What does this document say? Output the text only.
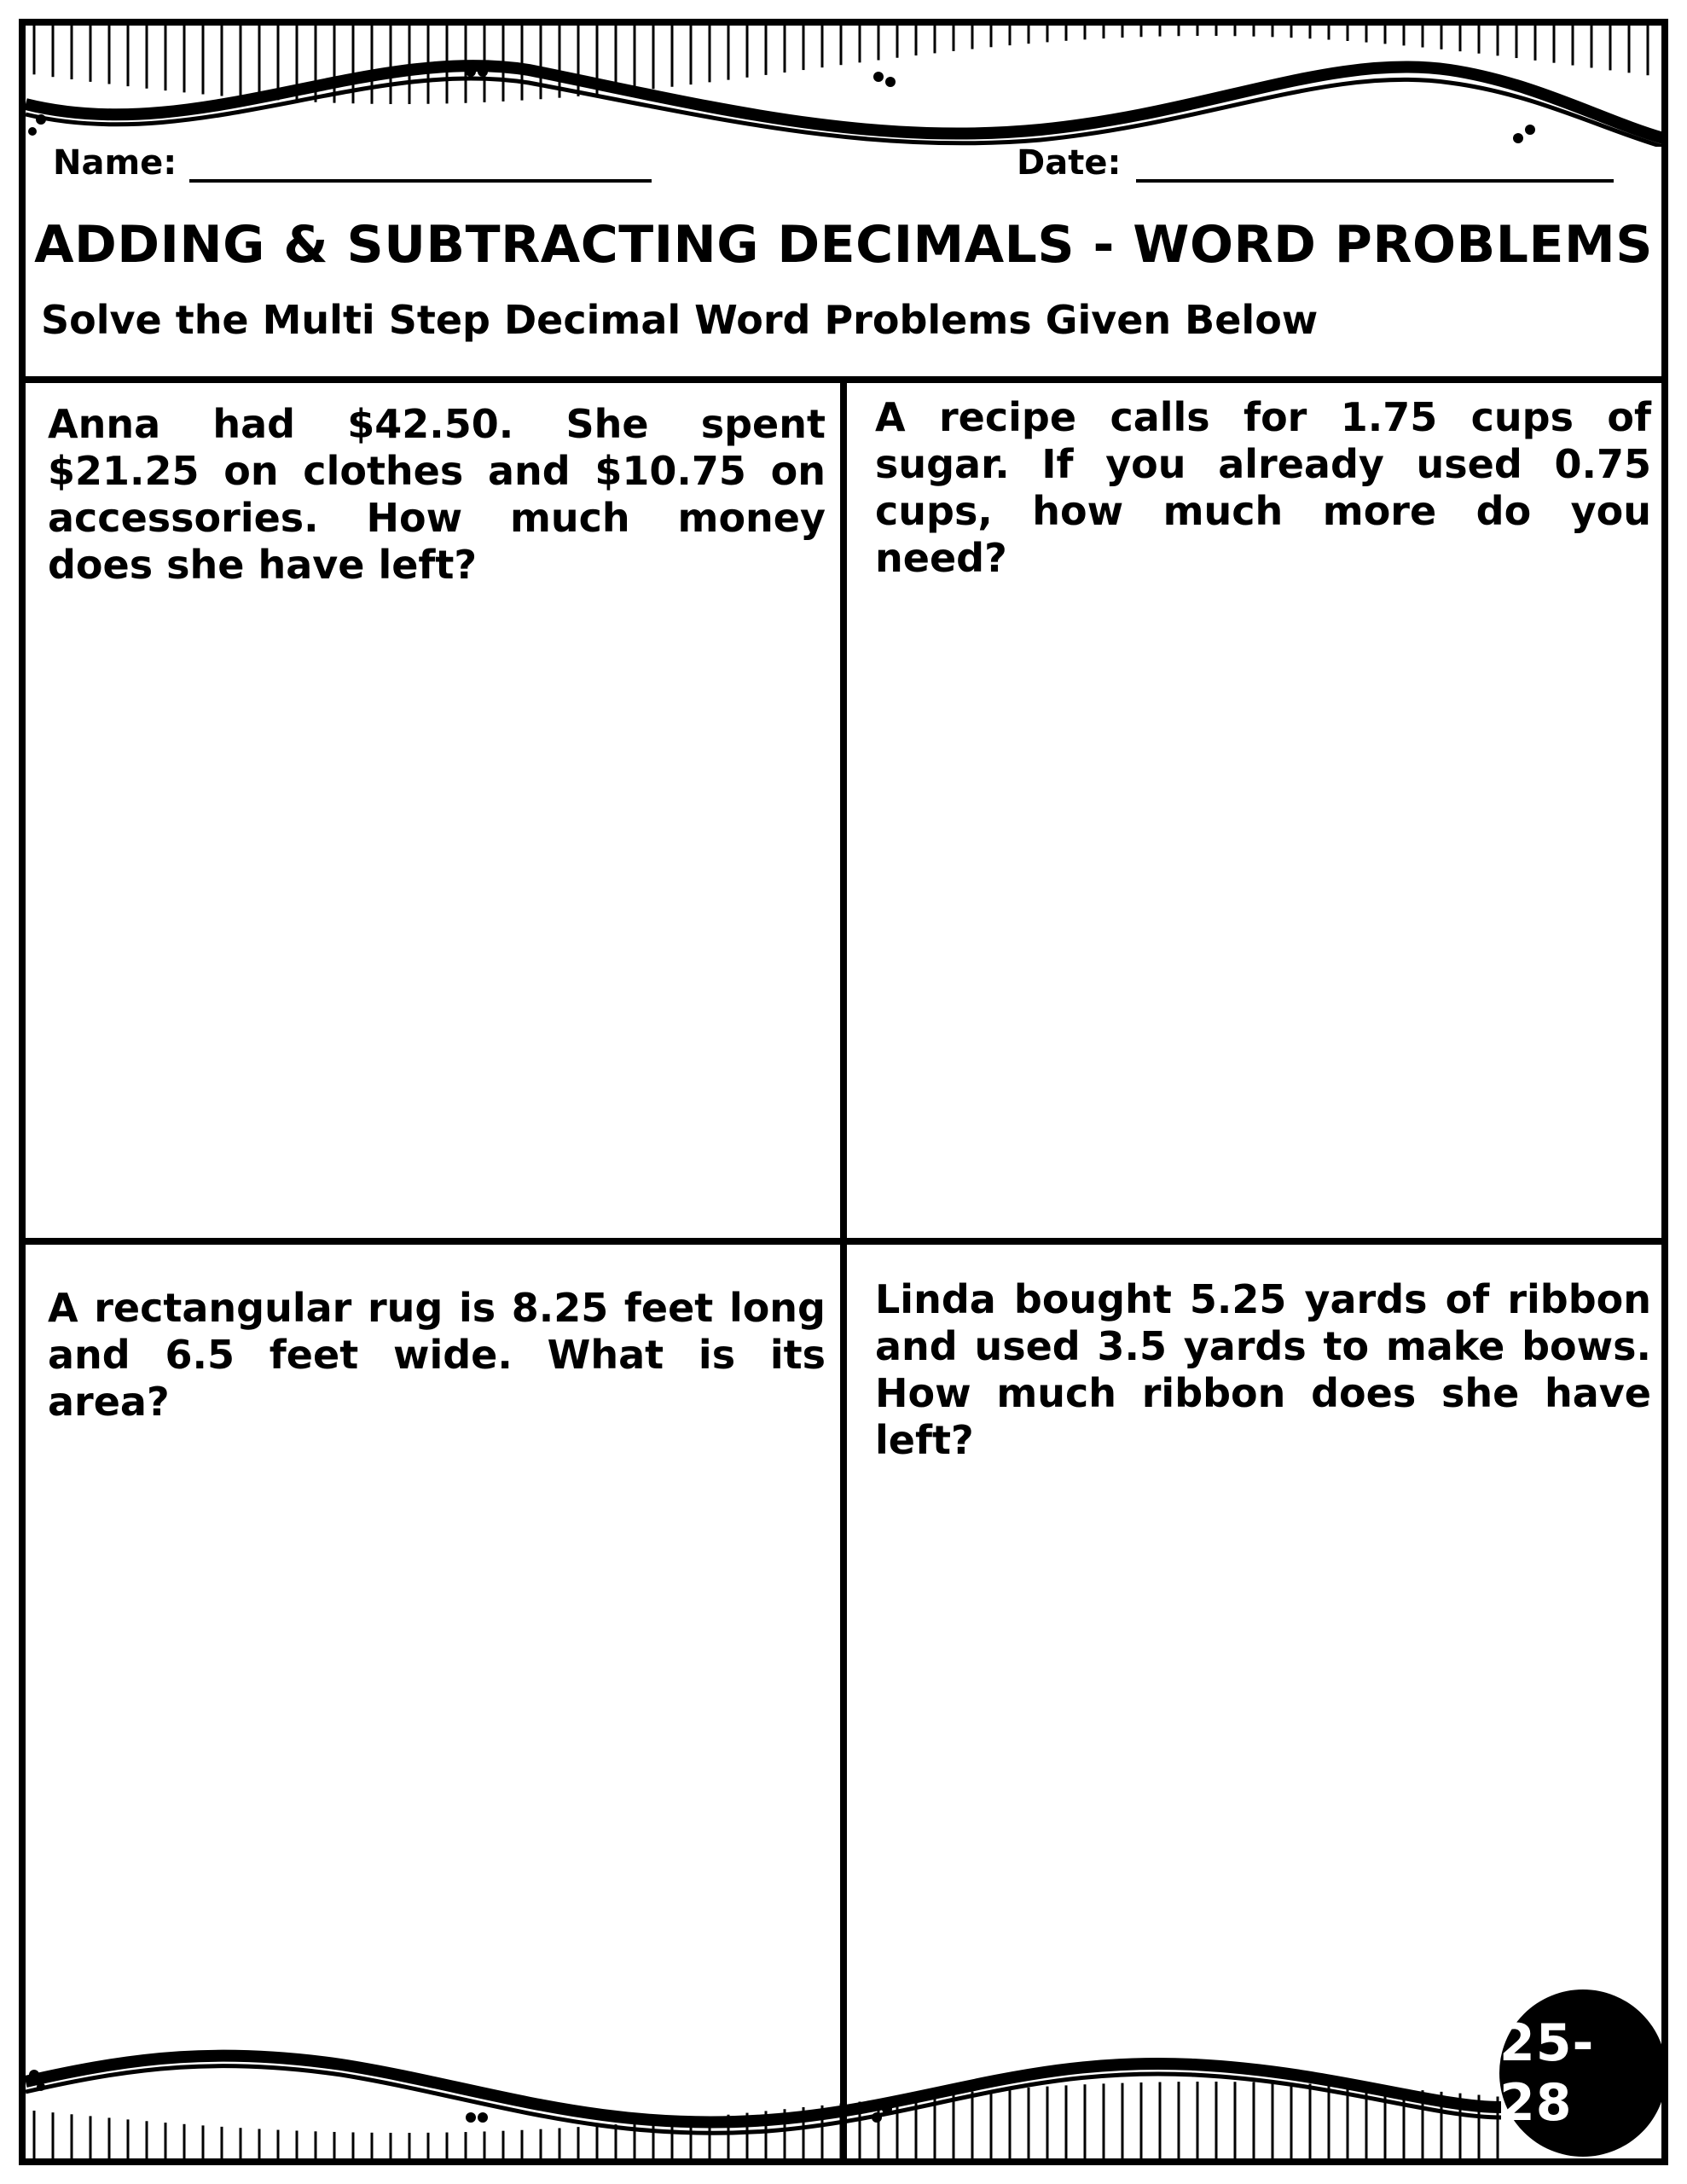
Name:	Date:
ADDING & SUBTRACTING DECIMALS - WORD PROBLEMS
Solve the Multi Step Decimal Word Problems Given Below
Anna had $42.50. She spent $21.25 on clothes and $10.75 on accessories. How much money does she have left?
A recipe calls for 1.75 cups of sugar. If you already used 0.75 cups, how much more do you need?
A rectangular rug is 8.25 feet long and 6.5 feet wide. What is its area?
Linda bought 5.25 yards of ribbon and used 3.5 yards to make bows. How much ribbon does she have left?
25-28
